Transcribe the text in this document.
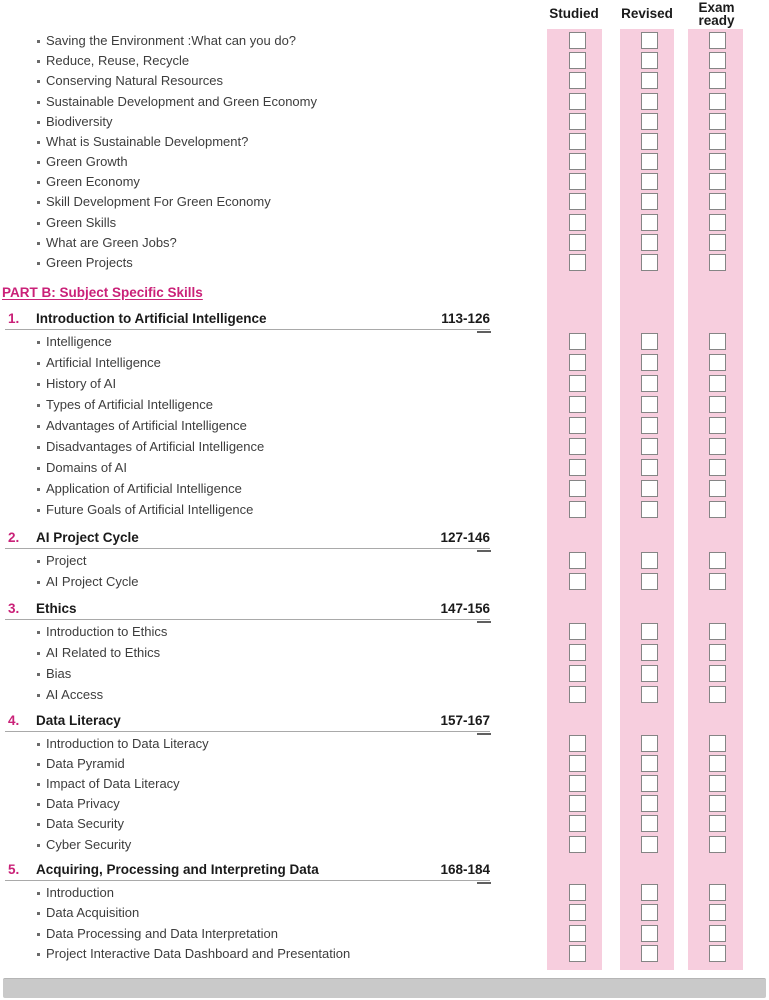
Studied	Revised	Exam ready
PART B: Subject Specific Skills
Saving the Environment :What can you do?
Reduce, Reuse, Recycle
Conserving Natural Resources
Sustainable Development and Green Economy
Biodiversity
What is Sustainable Development?
Green Growth
Green Economy
Skill Development For Green Economy
Green Skills
What are Green Jobs?
Green Projects
1. Introduction to Artificial Intelligence	113-126
Intelligence
Artificial Intelligence
History of AI
Types of Artificial Intelligence
Advantages of Artificial Intelligence
Disadvantages of Artificial Intelligence
Domains of AI
Application of Artificial Intelligence
Future Goals of Artificial Intelligence
2. AI Project Cycle	127-146
Project
AI Project Cycle
3. Ethics	147-156
Introduction to Ethics
AI Related to Ethics
Bias
AI Access
4. Data Literacy	157-167
Introduction to Data Literacy
Data Pyramid
Impact of Data Literacy
Data Privacy
Data Security
Cyber Security
5. Acquiring, Processing and Interpreting Data	168-184
Introduction
Data Acquisition
Data Processing and Data Interpretation
Project Interactive Data Dashboard and Presentation
